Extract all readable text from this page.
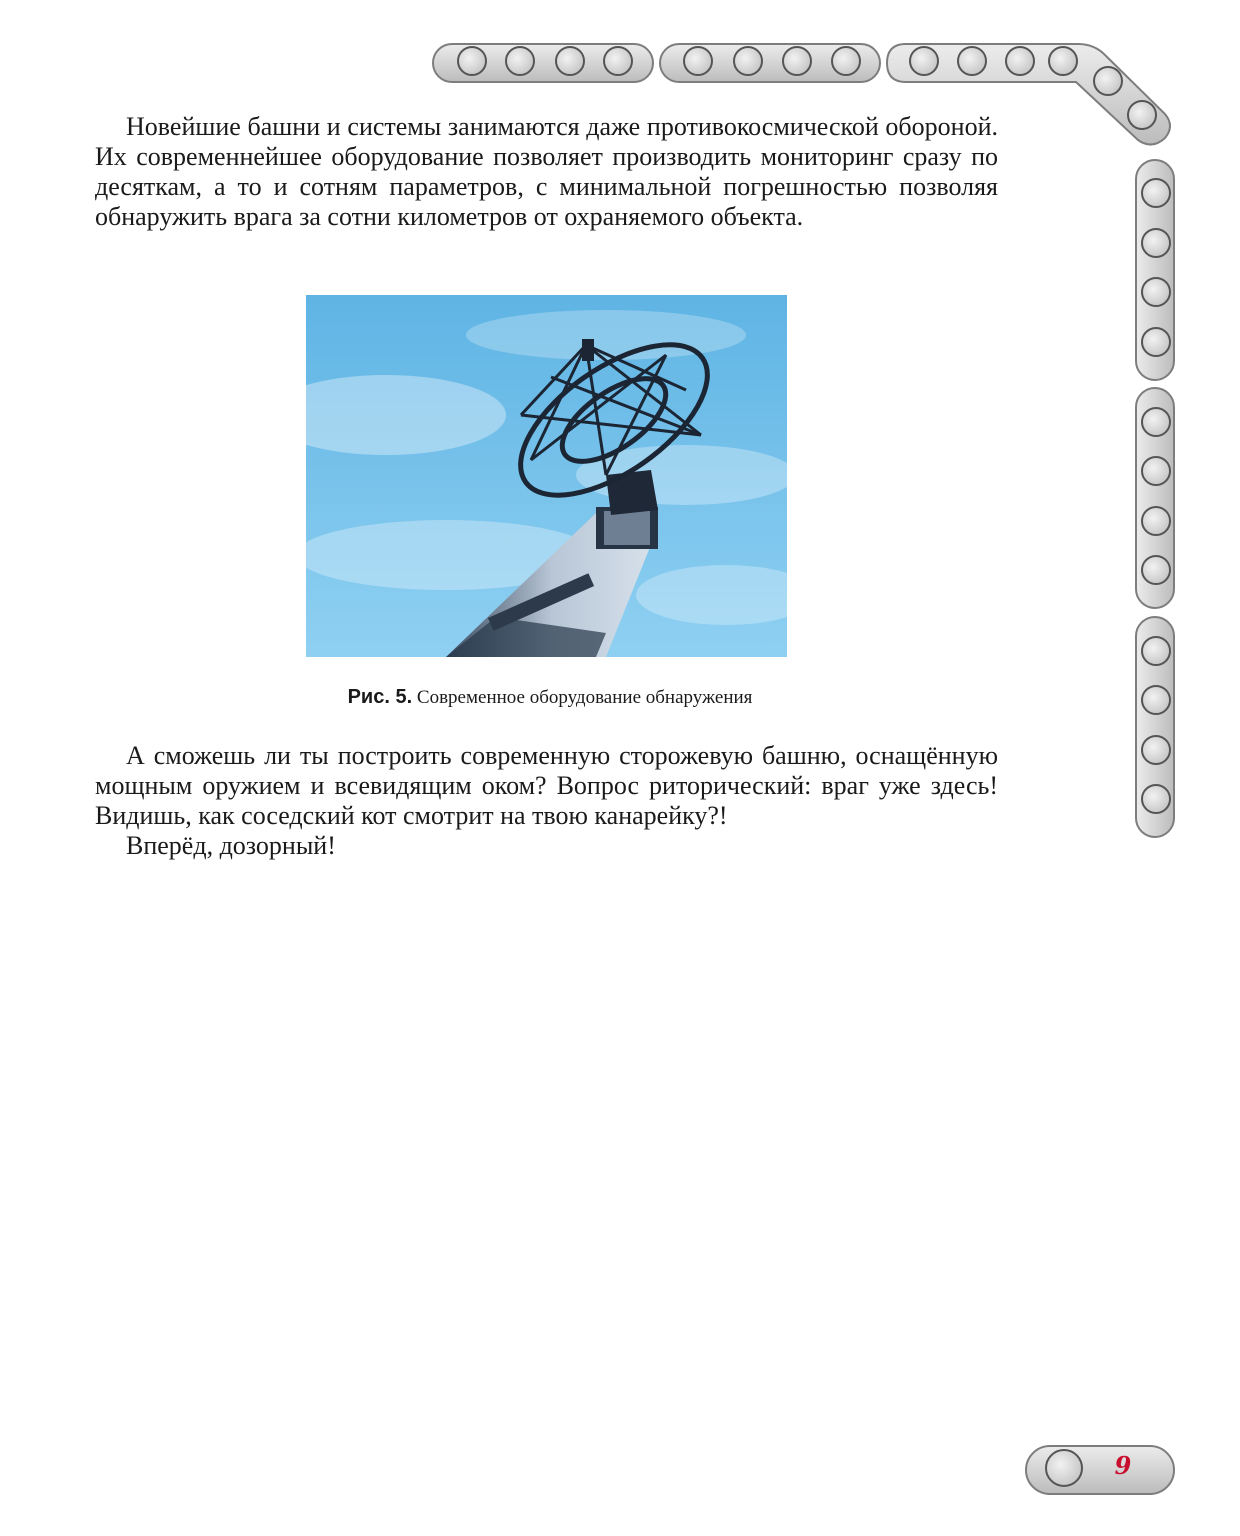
Новейшие башни и системы занимаются даже противокосмической обороной. Их современнейшее оборудование позволяет производить мониторинг сразу по десяткам, а то и сотням параметров, с минимальной погрешностью позволяя обнаружить врага за сотни километров от охраняемого объекта.

Рис. 5. Современное оборудование обнаружения

А сможешь ли ты построить современную сторожевую башню, оснащённую мощным оружием и всевидящим оком? Вопрос риторический: враг уже здесь! Видишь, как соседский кот смотрит на твою канарейку?!

Вперёд, дозорный!

9
